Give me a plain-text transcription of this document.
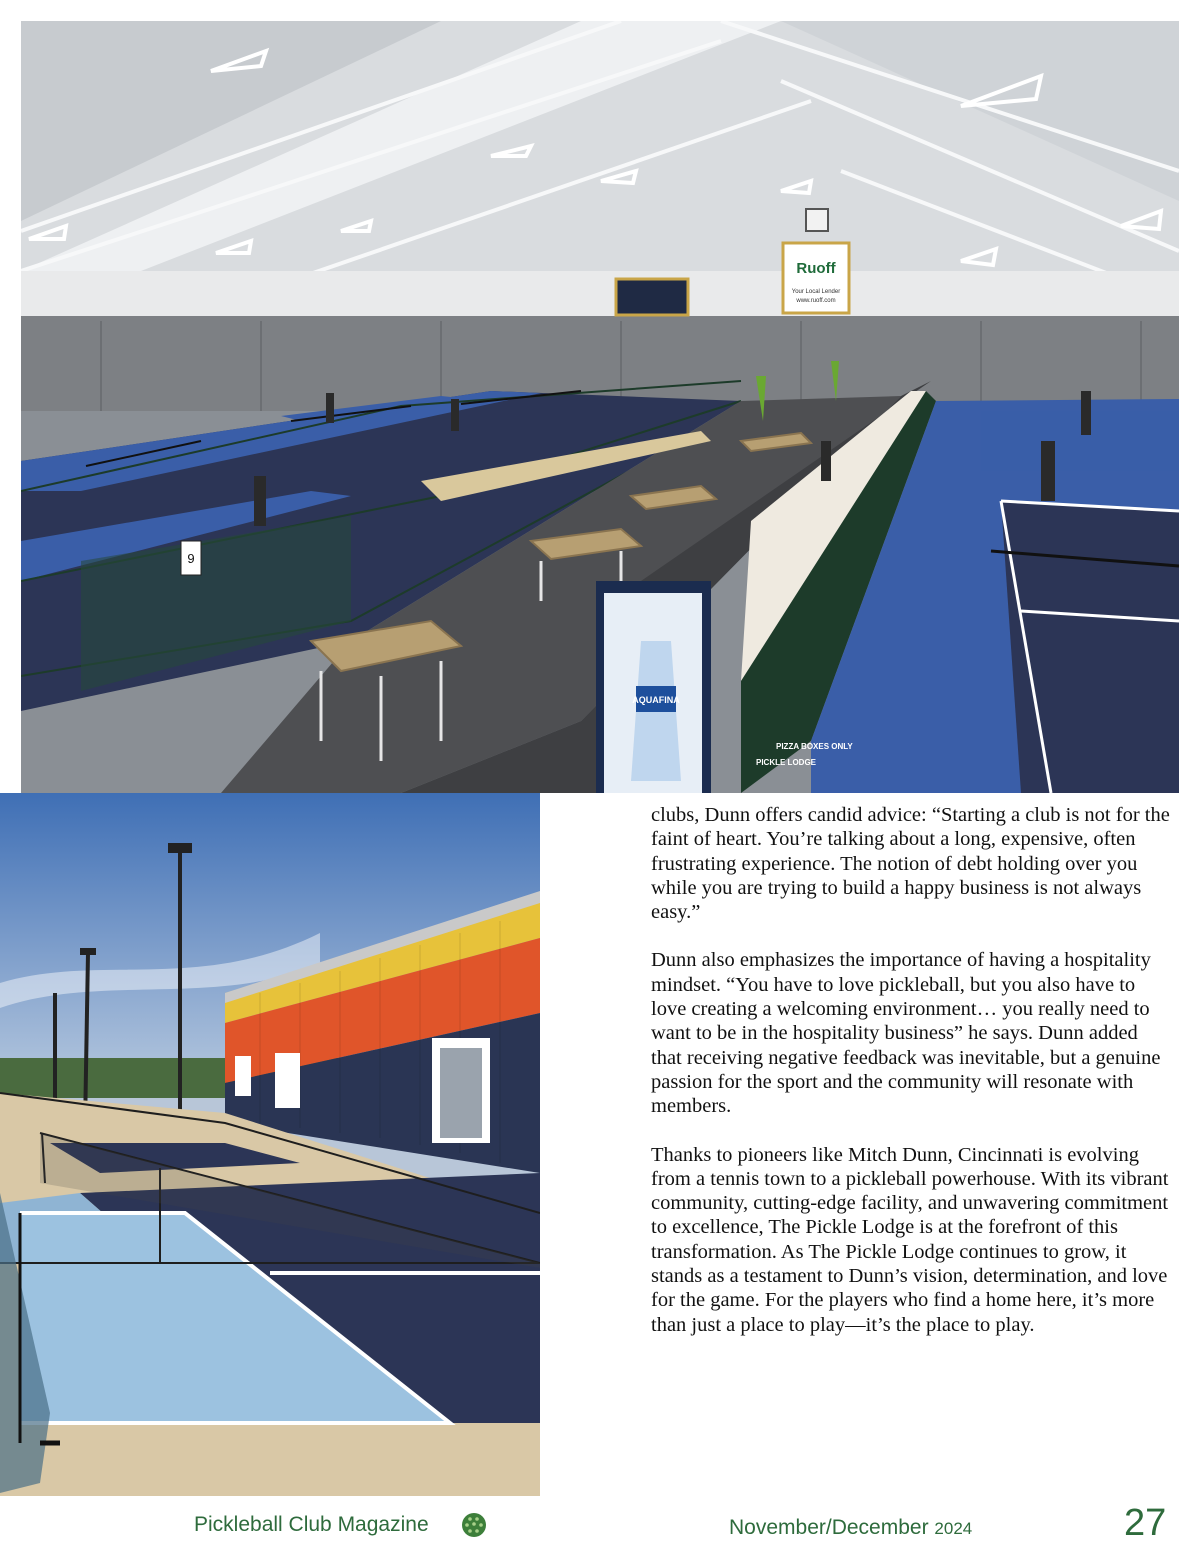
Ruoff
Your Local Lender
www.ruoff.com
9
AQUAFINA
PIZZA BOXES ONLY
PICKLE LODGE

clubs, Dunn offers candid advice: “Starting a club is not for the faint of heart. You’re talking about a long, expensive, often frustrating experience. The notion of debt holding over you while you are trying to build a happy business is not always easy.”

Dunn also emphasizes the importance of having a hospitality mindset. “You have to love pickleball, but you also have to love creating a welcoming environment… you really need to want to be in the hospitality business” he says. Dunn added that receiving negative feedback was inevitable, but a genuine passion for the sport and the community will resonate with members.

Thanks to pioneers like Mitch Dunn, Cincinnati is evolving from a tennis town to a pickleball powerhouse. With its vibrant community, cutting-edge facility, and unwavering commitment to excellence, The Pickle Lodge is at the forefront of this transformation. As The Pickle Lodge continues to grow, it stands as a testament to Dunn’s vision, determination, and love for the game. For the players who find a home here, it’s more than just a place to play—it’s the place to play.

Pickleball Club Magazine	November/December 2024	27
